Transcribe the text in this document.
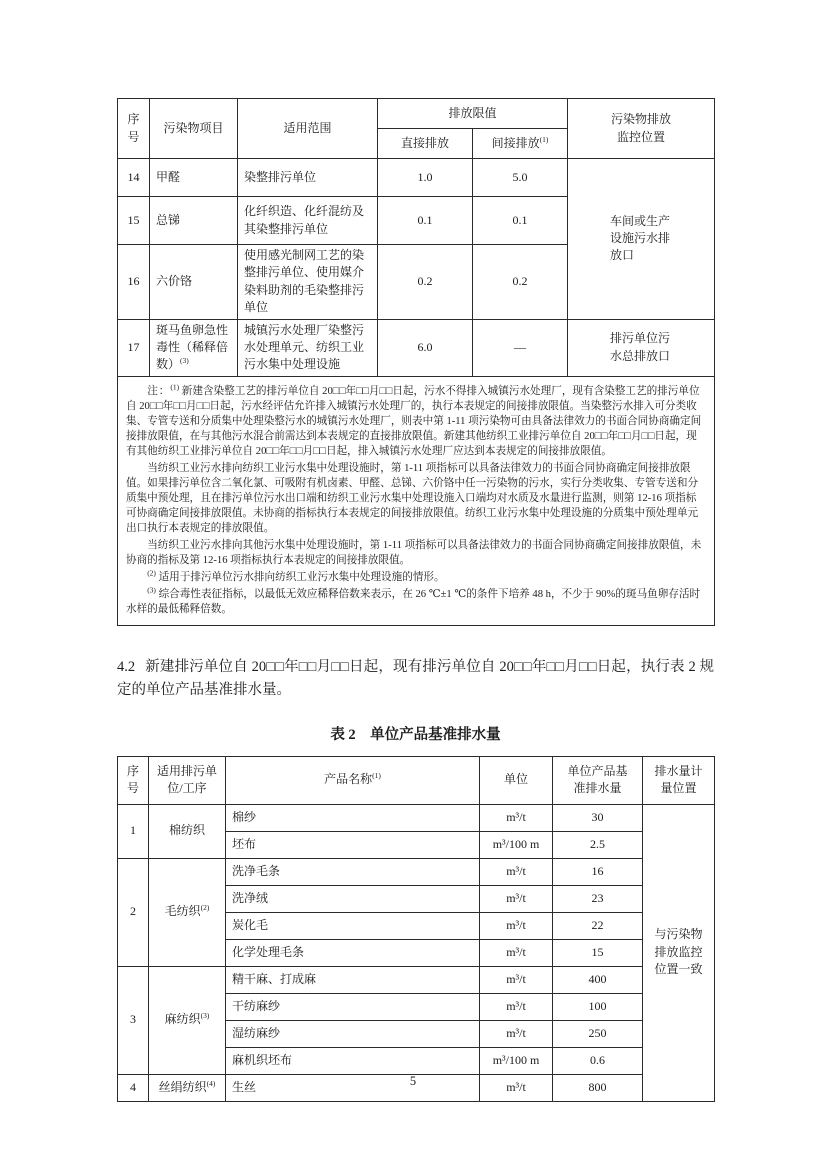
序号	污染物项目	适用范围	排放限值		污染物排放监控位置
			直接排放	间接排放$^{(1)}$
14	甲醛	染整排污单位	1.0	5.0	车间或生产设施污水排放口
15	总锑	化纤织造、化纤混纺及其染整排污单位	0.1	0.1	
16	六价铬	使用感光制网工艺的染整排污单位、使用媒介染料助剂的毛染整排污单位	0.2	0.2	
17	斑马鱼卵急性毒性（稀释倍数）$^{(3)}$	城镇污水处理厂染整污水处理单元、纺织工业污水集中处理设施	6.0	—	排污单位污水总排放口

注：$^{(1)}$ 新建含染整工艺的排污单位自 20□□年□□月□□日起，污水不得排入城镇污水处理厂，现有含染整工艺的排污单位自 20□□年□□月□□日起，污水经评估允许排入城镇污水处理厂的，执行本表规定的间接排放限值。当染整污水排入可分类收集、专管专送和分质集中处理染整污水的城镇污水处理厂，则表中第 1-11 项污染物可由具备法律效力的书面合同协商确定间接排放限值，在与其他污水混合前需达到本表规定的直接排放限值。新建其他纺织工业排污单位自 20□□年□□月□□日起，现有其他纺织工业排污单位自 20□□年□□月□□日起，排入城镇污水处理厂应达到本表规定的间接排放限值。

当纺织工业污水排向纺织工业污水集中处理设施时，第 1-11 项指标可以具备法律效力的书面合同协商确定间接排放限值。如果排污单位含二氧化氯、可吸附有机卤素、甲醛、总锑、六价铬中任一污染物的污水，实行分类收集、专管专送和分质集中预处理，且在排污单位污水出口端和纺织工业污水集中处理设施入口端均对水质及水量进行监测，则第 12-16 项指标可协商确定间接排放限值。未协商的指标执行本表规定的间接排放限值。纺织工业污水集中处理设施的分质集中预处理单元出口执行本表规定的排放限值。

当纺织工业污水排向其他污水集中处理设施时，第 1-11 项指标可以具备法律效力的书面合同协商确定间接排放限值，未协商的指标及第 12-16 项指标执行本表规定的间接排放限值。

$^{(2)}$ 适用于排污单位污水排向纺织工业污水集中处理设施的情形。

$^{(3)}$ 综合毒性表征指标，以最低无效应稀释倍数来表示，在 26 ℃±1 ℃的条件下培养 48 h，不少于 90%的斑马鱼卵存活时水样的最低稀释倍数。					

4.2 新建排污单位自 20□□年□□月□□日起，现有排污单位自 20□□年□□月□□日起，执行表 2 规定的单位产品基准排水量。

表 2　单位产品基准排水量
序号	适用排污单位/工序	产品名称$^{(1)}$	单位	单位产品基准排水量	排水量计量位置
1	棉纺织	棉纱	m³/t	30	与污染物排放监控位置一致
		坯布	m³/100 m	2.5	
2	毛纺织$^{(2)}$	洗净毛条	m³/t	16	
		洗净绒	m³/t	23	
		炭化毛	m³/t	22	
		化学处理毛条	m³/t	15	
3	麻纺织$^{(3)}$	精干麻、打成麻	m³/t	400	
		干纺麻纱	m³/t	100	
		湿纺麻纱	m³/t	250	
		麻机织坯布	m³/100 m	0.6	
4	丝绢纺织$^{(4)}$	生丝	m³/t	800	
5
